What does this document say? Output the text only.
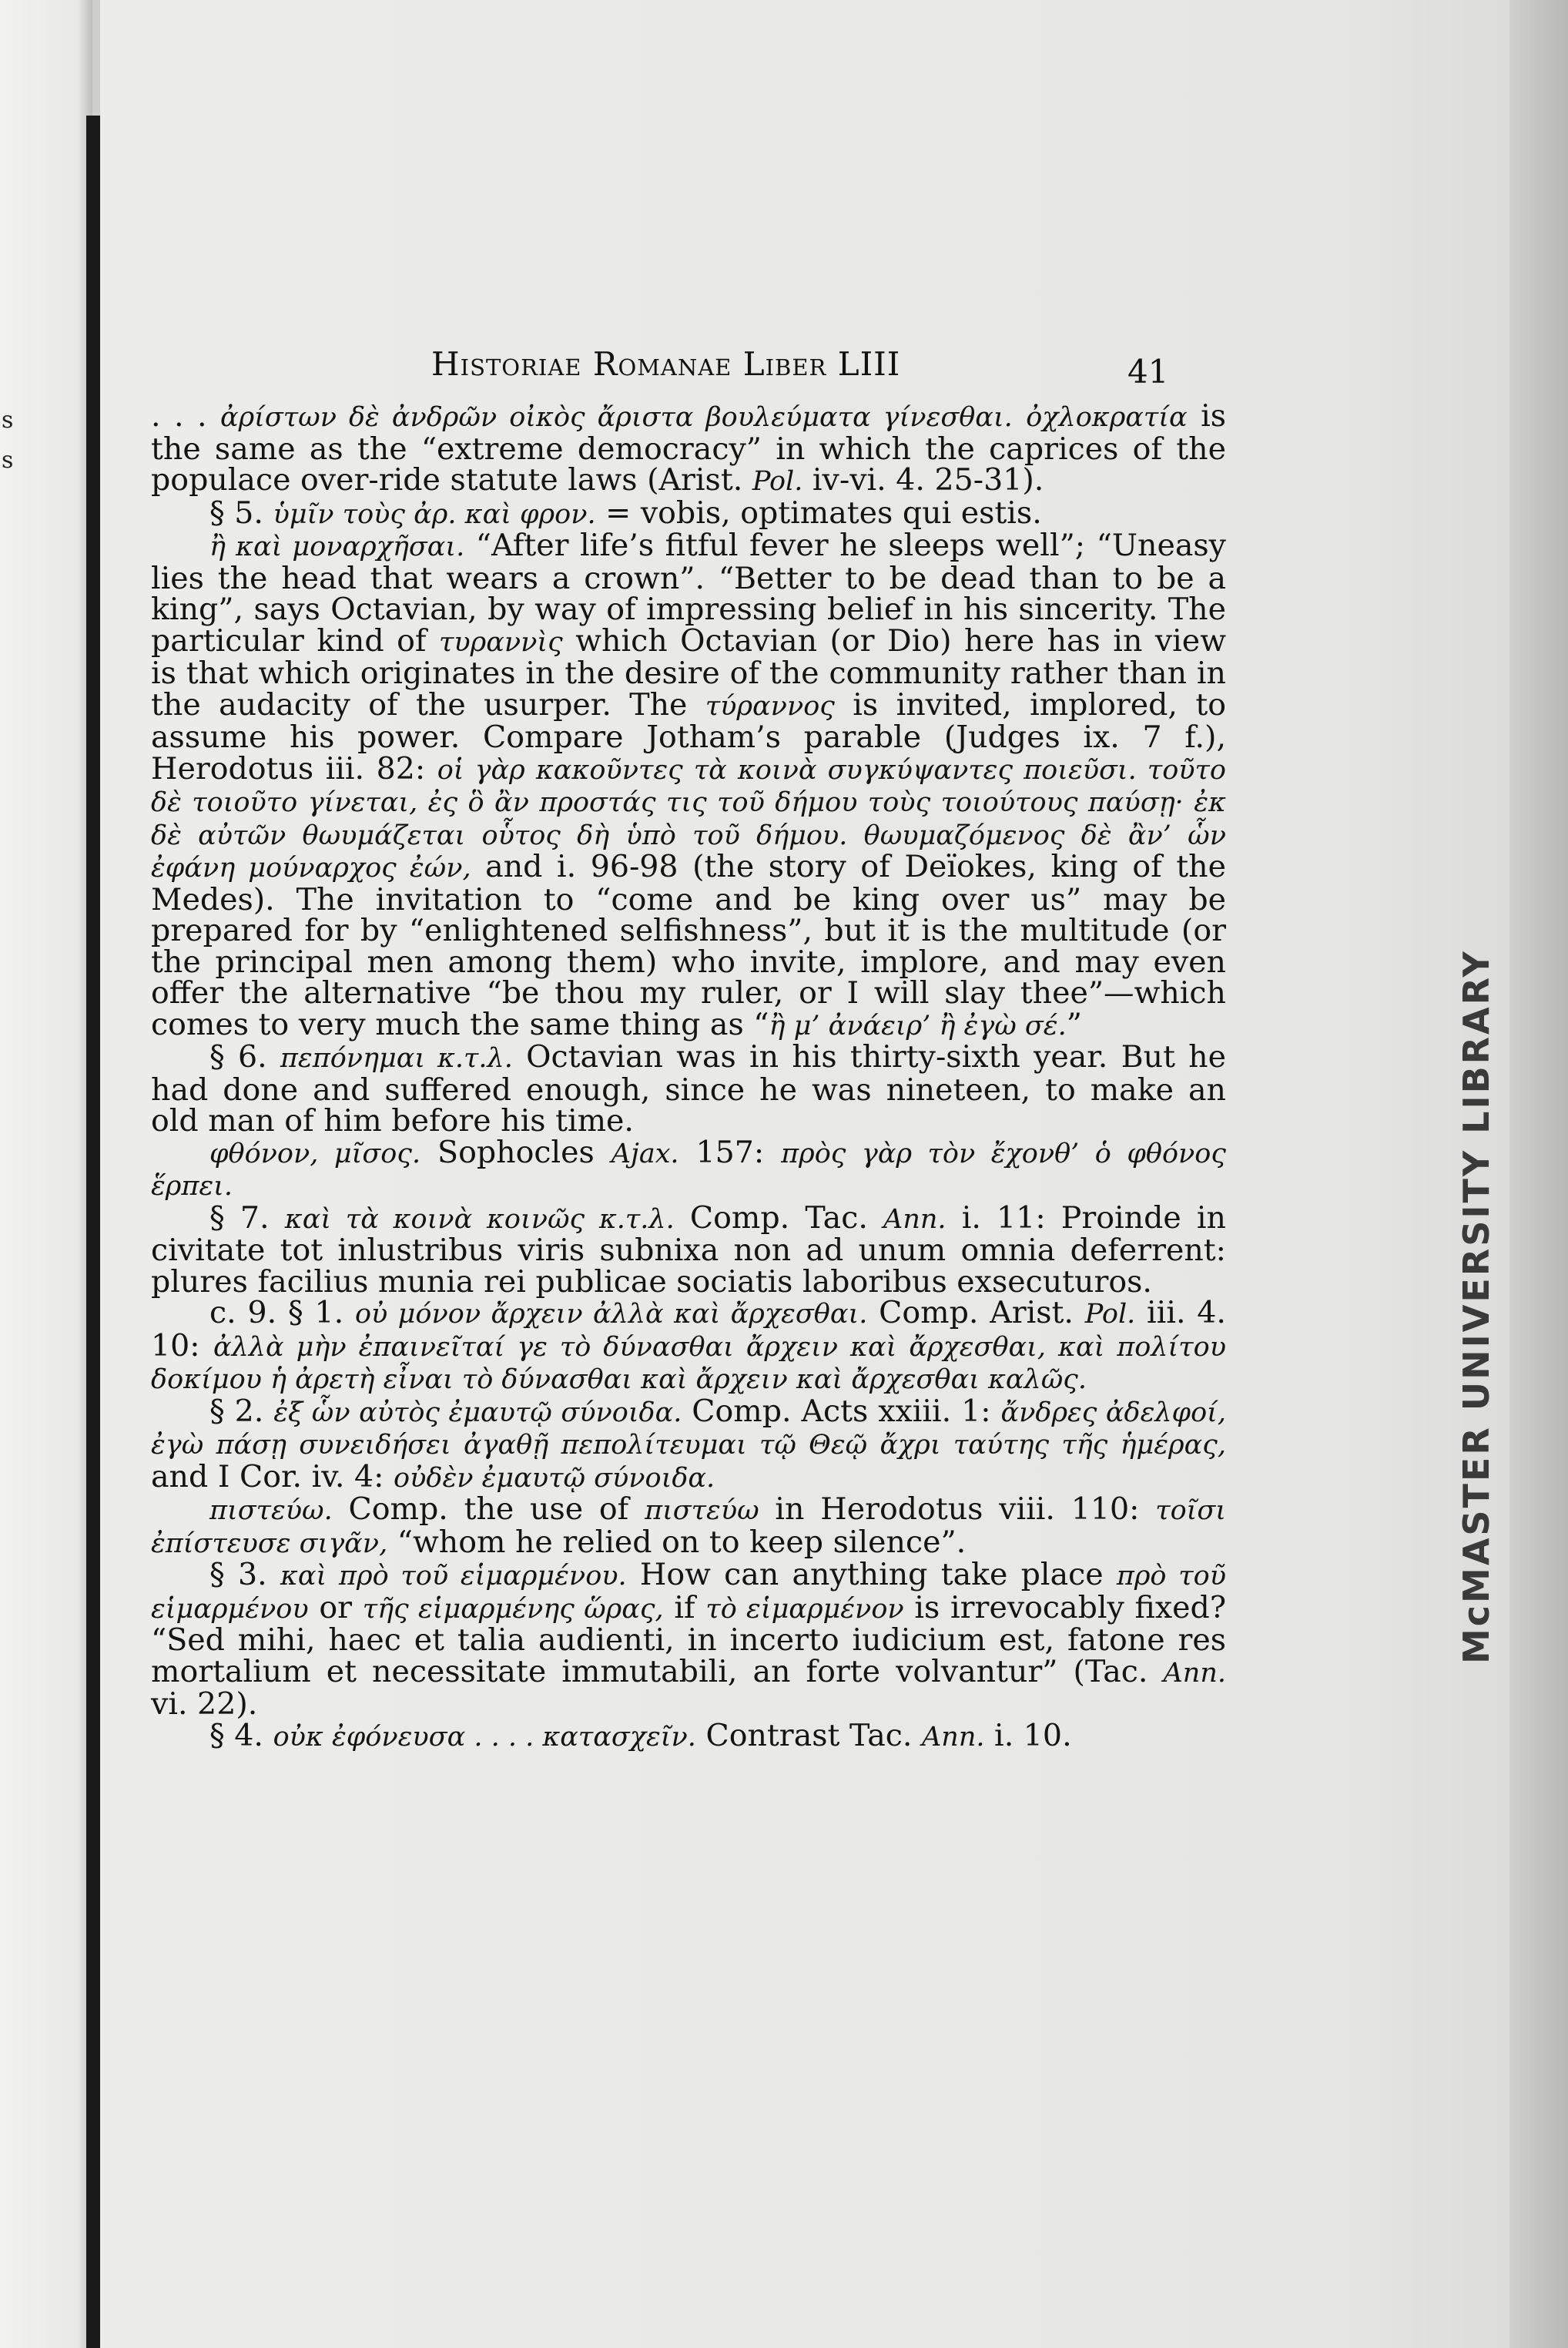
s
s
McMASTER UNIVERSITY LIBRARY
Historiae Romanae Liber LIII	41

. . . ἀρίστων δὲ ἀνδρῶν οἰκὸς ἄριστα βουλεύματα γίνεσθαι. ὀχλοκρατία is the same as the “extreme democracy” in which the caprices of the populace over-ride statute laws (Arist. Pol. iv-vi. 4. 25-31).

§ 5. ὑμῖν τοὺς ἀρ. καὶ φρον. = vobis, optimates qui estis.

ἢ καὶ μοναρχῆσαι. “After life’s fitful fever he sleeps well”; “Uneasy lies the head that wears a crown”. “Better to be dead than to be a king”, says Octavian, by way of impressing belief in his sincerity. The particular kind of τυραννὶς which Octavian (or Dio) here has in view is that which originates in the desire of the community rather than in the audacity of the usurper. The τύραννος is invited, implored, to assume his power. Compare Jotham’s parable (Judges ix. 7 f.), Herodotus iii. 82: οἱ γὰρ κακοῦντες τὰ κοινὰ συγκύψαντες ποιεῦσι. τοῦτο δὲ τοιοῦτο γίνεται, ἐς ὃ ἂν προστάς τις τοῦ δήμου τοὺς τοιούτους παύσῃ· ἐκ δὲ αὐτῶν θωυμάζεται οὗτος δὴ ὑπὸ τοῦ δήμου. θωυμαζόμενος δὲ ἂν’ ὧν ἐφάνη μούναρχος ἐών, and i. 96-98 (the story of Deïokes, king of the Medes). The invitation to “come and be king over us” may be prepared for by “enlightened selfishness”, but it is the multitude (or the principal men among them) who invite, implore, and may even offer the alternative “be thou my ruler, or I will slay thee”—which comes to very much the same thing as “ἢ μ’ ἀνάειρ’ ἢ ἐγὼ σέ.”

§ 6. πεπόνημαι κ.τ.λ. Octavian was in his thirty-sixth year. But he had done and suffered enough, since he was nineteen, to make an old man of him before his time.

φθόνον, μῖσος. Sophocles Ajax. 157: πρὸς γὰρ τὸν ἔχονθ’ ὁ φθόνος ἕρπει.

§ 7. καὶ τὰ κοινὰ κοινῶς κ.τ.λ. Comp. Tac. Ann. i. 11: Proinde in civitate tot inlustribus viris subnixa non ad unum omnia deferrent: plures facilius munia rei publicae sociatis laboribus exsecuturos.

c. 9. § 1. οὐ μόνον ἄρχειν ἀλλὰ καὶ ἄρχεσθαι. Comp. Arist. Pol. iii. 4. 10: ἀλλὰ μὴν ἐπαινεῖταί γε τὸ δύνασθαι ἄρχειν καὶ ἄρχεσθαι, καὶ πολίτου δοκίμου ἡ ἀρετὴ εἶναι τὸ δύνασθαι καὶ ἄρχειν καὶ ἄρχεσθαι καλῶς.

§ 2. ἐξ ὧν αὐτὸς ἐμαυτῷ σύνοιδα. Comp. Acts xxiii. 1: ἄνδρες ἀδελφοί, ἐγὼ πάσῃ συνειδήσει ἀγαθῇ πεπολίτευμαι τῷ Θεῷ ἄχρι ταύτης τῆς ἡμέρας, and I Cor. iv. 4: οὐδὲν ἐμαυτῷ σύνοιδα.

πιστεύω. Comp. the use of πιστεύω in Herodotus viii. 110: τοῖσι ἐπίστευσε σιγᾶν, “whom he relied on to keep silence”.

§ 3. καὶ πρὸ τοῦ εἱμαρμένου. How can anything take place πρὸ τοῦ εἱμαρμένου or τῆς εἱμαρμένης ὥρας, if τὸ εἱμαρμένον is irrevocably fixed? “Sed mihi, haec et talia audienti, in incerto iudicium est, fatone res mortalium et necessitate immutabili, an forte volvantur” (Tac. Ann. vi. 22).

§ 4. οὐκ ἐφόνευσα . . . . κατασχεῖν. Contrast Tac. Ann. i. 10.
